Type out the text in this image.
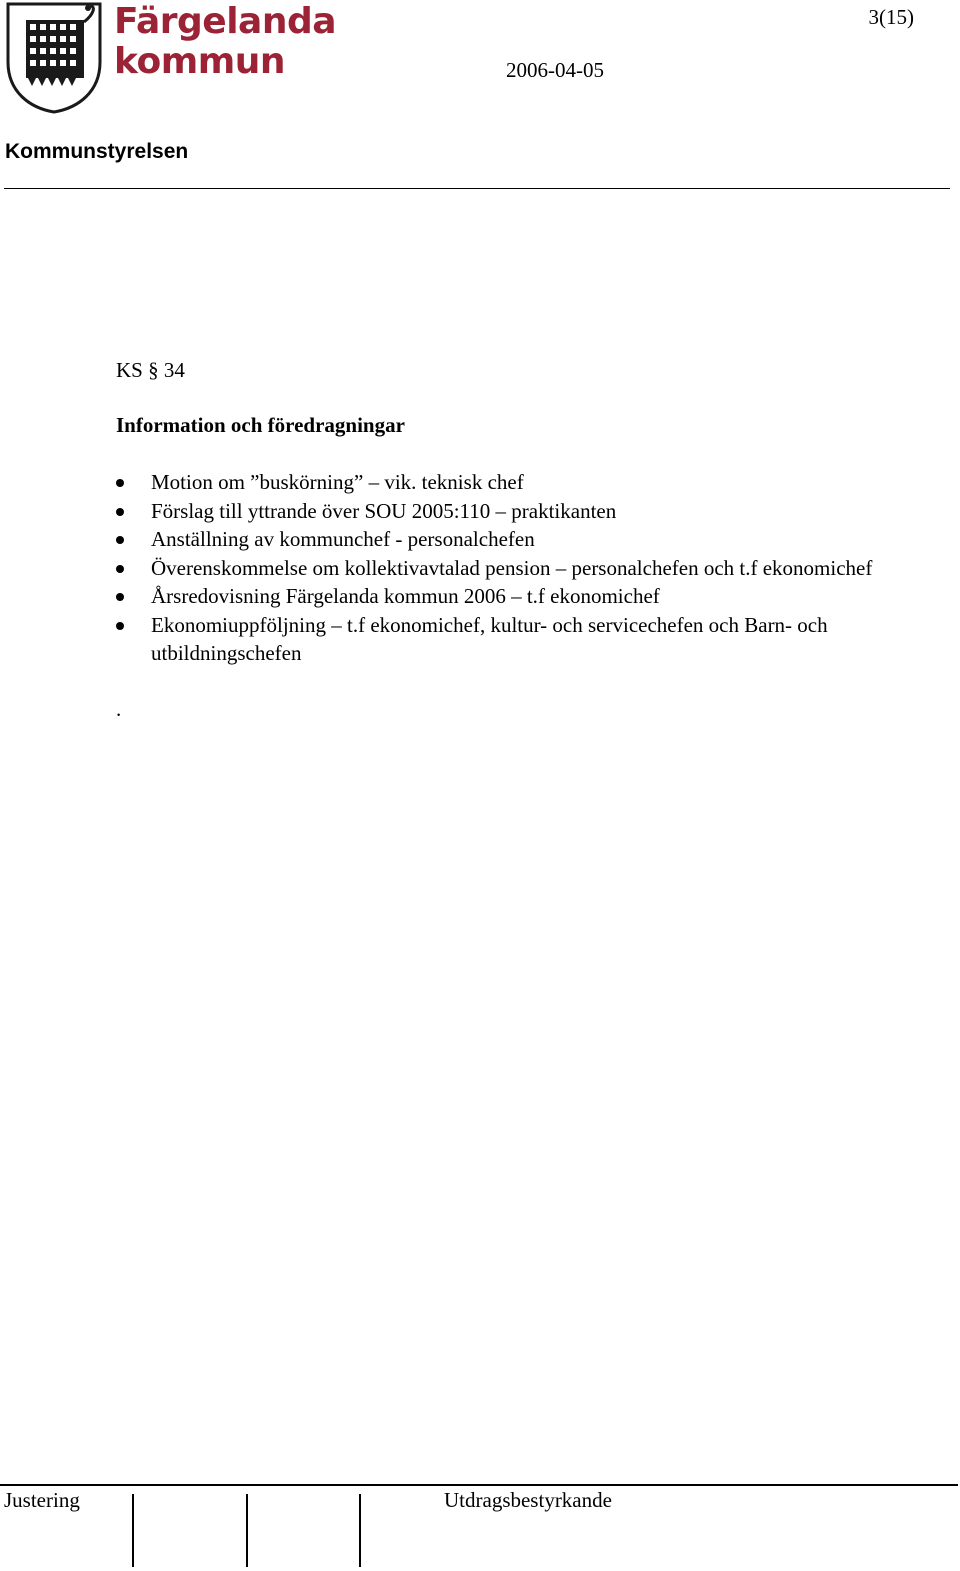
Färgelanda
kommun
3(15)
2006-04-05
Kommunstyrelsen
KS § 34
Information och föredragningar
Motion om ”buskörning” – vik. teknisk chef
Förslag till yttrande över SOU 2005:110 – praktikanten
Anställning av kommunchef - personalchefen
Överenskommelse om kollektivavtalad pension – personalchefen och t.f ekonomichef
Årsredovisning Färgelanda kommun 2006 – t.f ekonomichef
Ekonomiuppföljning – t.f ekonomichef, kultur- och servicechefen och Barn- och utbildningschefen
.
Justering	Utdragsbestyrkande
